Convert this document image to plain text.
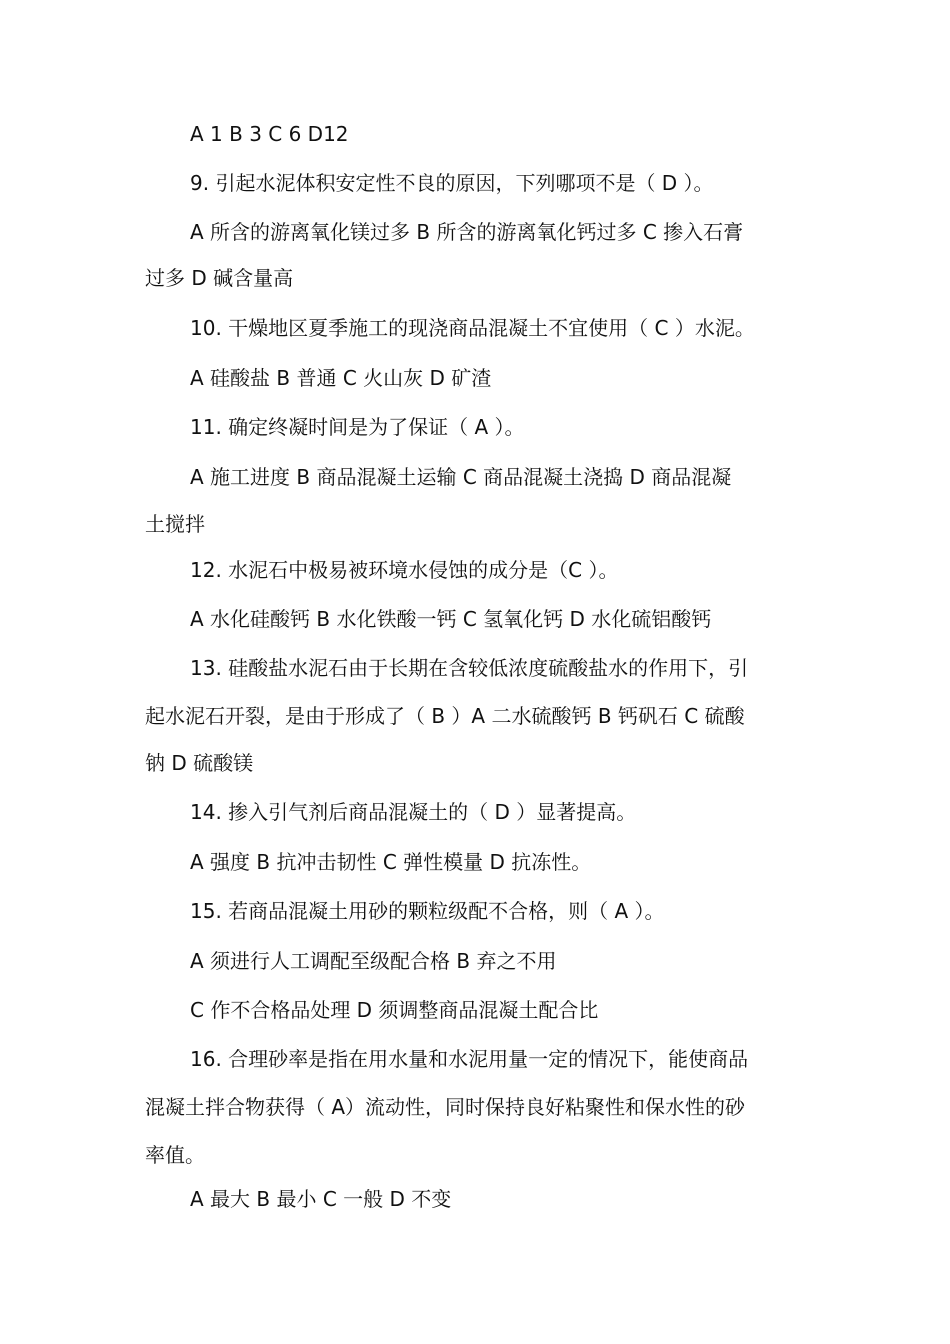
A 1 B 3 C 6 D12
9. 引起水泥体积安定性不良的原因，下列哪项不是（ D ）。
A 所含的游离氧化镁过多 B 所含的游离氧化钙过多 C 掺入石膏
过多 D 碱含量高
10. 干燥地区夏季施工的现浇商品混凝土不宜使用（ C ）水泥。
A 硅酸盐 B 普通 C 火山灰 D 矿渣
11. 确定终凝时间是为了保证（ A ）。
A 施工进度 B 商品混凝土运输 C 商品混凝土浇捣 D 商品混凝
土搅拌
12. 水泥石中极易被环境水侵蚀的成分是（C ）。
A 水化硅酸钙 B 水化铁酸一钙 C 氢氧化钙 D 水化硫铝酸钙
13. 硅酸盐水泥石由于长期在含较低浓度硫酸盐水的作用下，引
起水泥石开裂，是由于形成了（ B ）A 二水硫酸钙 B 钙矾石 C 硫酸
钠 D 硫酸镁
14. 掺入引气剂后商品混凝土的（ D ）显著提高。
A 强度 B 抗冲击韧性 C 弹性模量 D 抗冻性。
15. 若商品混凝土用砂的颗粒级配不合格，则（ A ）。
A 须进行人工调配至级配合格 B 弃之不用
C 作不合格品处理 D 须调整商品混凝土配合比
16. 合理砂率是指在用水量和水泥用量一定的情况下，能使商品
混凝土拌合物获得（ A）流动性，同时保持良好粘聚性和保水性的砂
率值。
A 最大 B 最小 C 一般 D 不变
